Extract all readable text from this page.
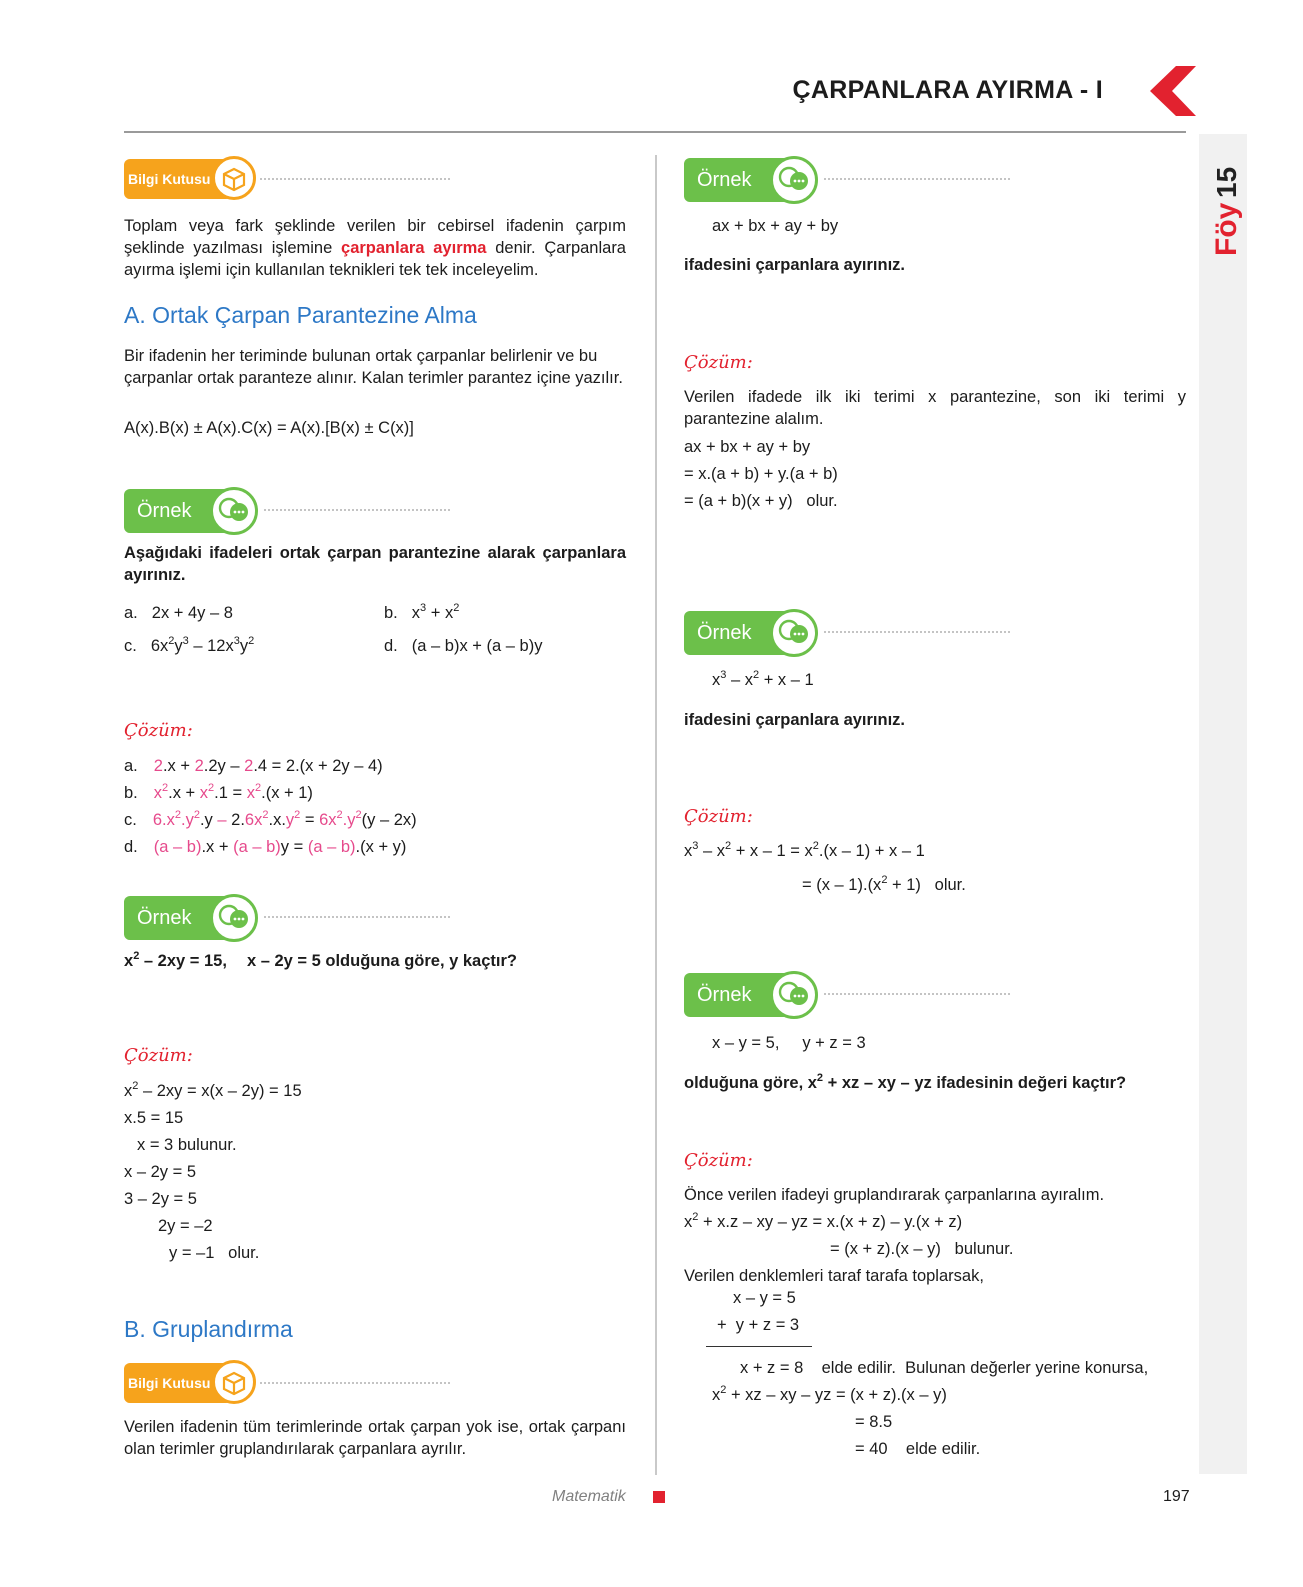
ÇARPANLARA AYIRMA - I
Föy
15
Bilgi Kutusu
Toplam veya fark şeklinde verilen bir cebirsel ifadenin çarpım şeklinde yazılması işlemine çarpanlara ayırma denir. Çarpanlara ayırma işlemi için kullanılan teknikleri tek tek inceleyelim.
A. Ortak Çarpan Parantezine Alma
Bir ifadenin her teriminde bulunan ortak çarpanlar belirlenir ve bu çarpanlar ortak paranteze alınır. Kalan terimler parantez içine yazılır.
A(x).B(x) ± A(x).C(x) = A(x).[B(x) ± C(x)]
Örnek
Aşağıdaki ifadeleri ortak çarpan parantezine alarak çarpanlara ayırınız.
a. 2x + 4y – 8	b. $x^3 + x^2$
c. $6x^2y^3 - 12x^3y^2$	d. (a – b)x + (a – b)y
Çözüm:
a. 2.x + 2.2y – 2.4 = 2.(x + 2y – 4)
b. $x^2.x + x^2.1 = x^2.(x + 1)$
c. $6.x^2.y^2.y - 2.6x^2.x.y^2 = 6x^2.y^2(y - 2x)$
d. (a – b).x + (a – b)y = (a – b).(x + y)
Örnek
$x^2 - 2xy = 15$, x – 2y = 5 olduğuna göre, y kaçtır?
Çözüm:
$x^2 - 2xy = x(x - 2y) = 15$
x.5 = 15
x = 3 bulunur.
x – 2y = 5
3 – 2y = 5
2y = –2
y = –1   olur.
B. Gruplandırma
Bilgi Kutusu
Verilen ifadenin tüm terimlerinde ortak çarpan yok ise, ortak çarpanı olan terimler gruplandırılarak çarpanlara ayrılır.
Örnek
ax + bx + ay + by
ifadesini çarpanlara ayırınız.
Çözüm:
Verilen ifadede ilk iki terimi x parantezine, son iki terimi y parantezine alalım.
ax + bx + ay + by
= x.(a + b) + y.(a + b)
= (a + b)(x + y)   olur.
Örnek
$x^3 - x^2 + x - 1$
ifadesini çarpanlara ayırınız.
Çözüm:
$x^3 - x^2 + x - 1 = x^2.(x - 1) + x - 1$
= $(x - 1).(x^2 + 1)$   olur.
Örnek
x – y = 5,     y + z = 3
olduğuna göre, $x^2$ + xz – xy – yz ifadesinin değeri kaçtır?
Çözüm:
Önce verilen ifadeyi gruplandırarak çarpanlarına ayıralım.
$x^2 + x.z$ – xy – yz = x.(x + z) – y.(x + z)
= (x + z).(x – y)   bulunur.
Verilen denklemleri taraf tarafa toplarsak,
x – y = 5
+  y + z = 3
x + z = 8    elde edilir.  Bulunan değerler yerine konursa,
$x^2$ + xz – xy – yz = (x + z).(x – y)
= 8.5
= 40    elde edilir.
Matematik	197
